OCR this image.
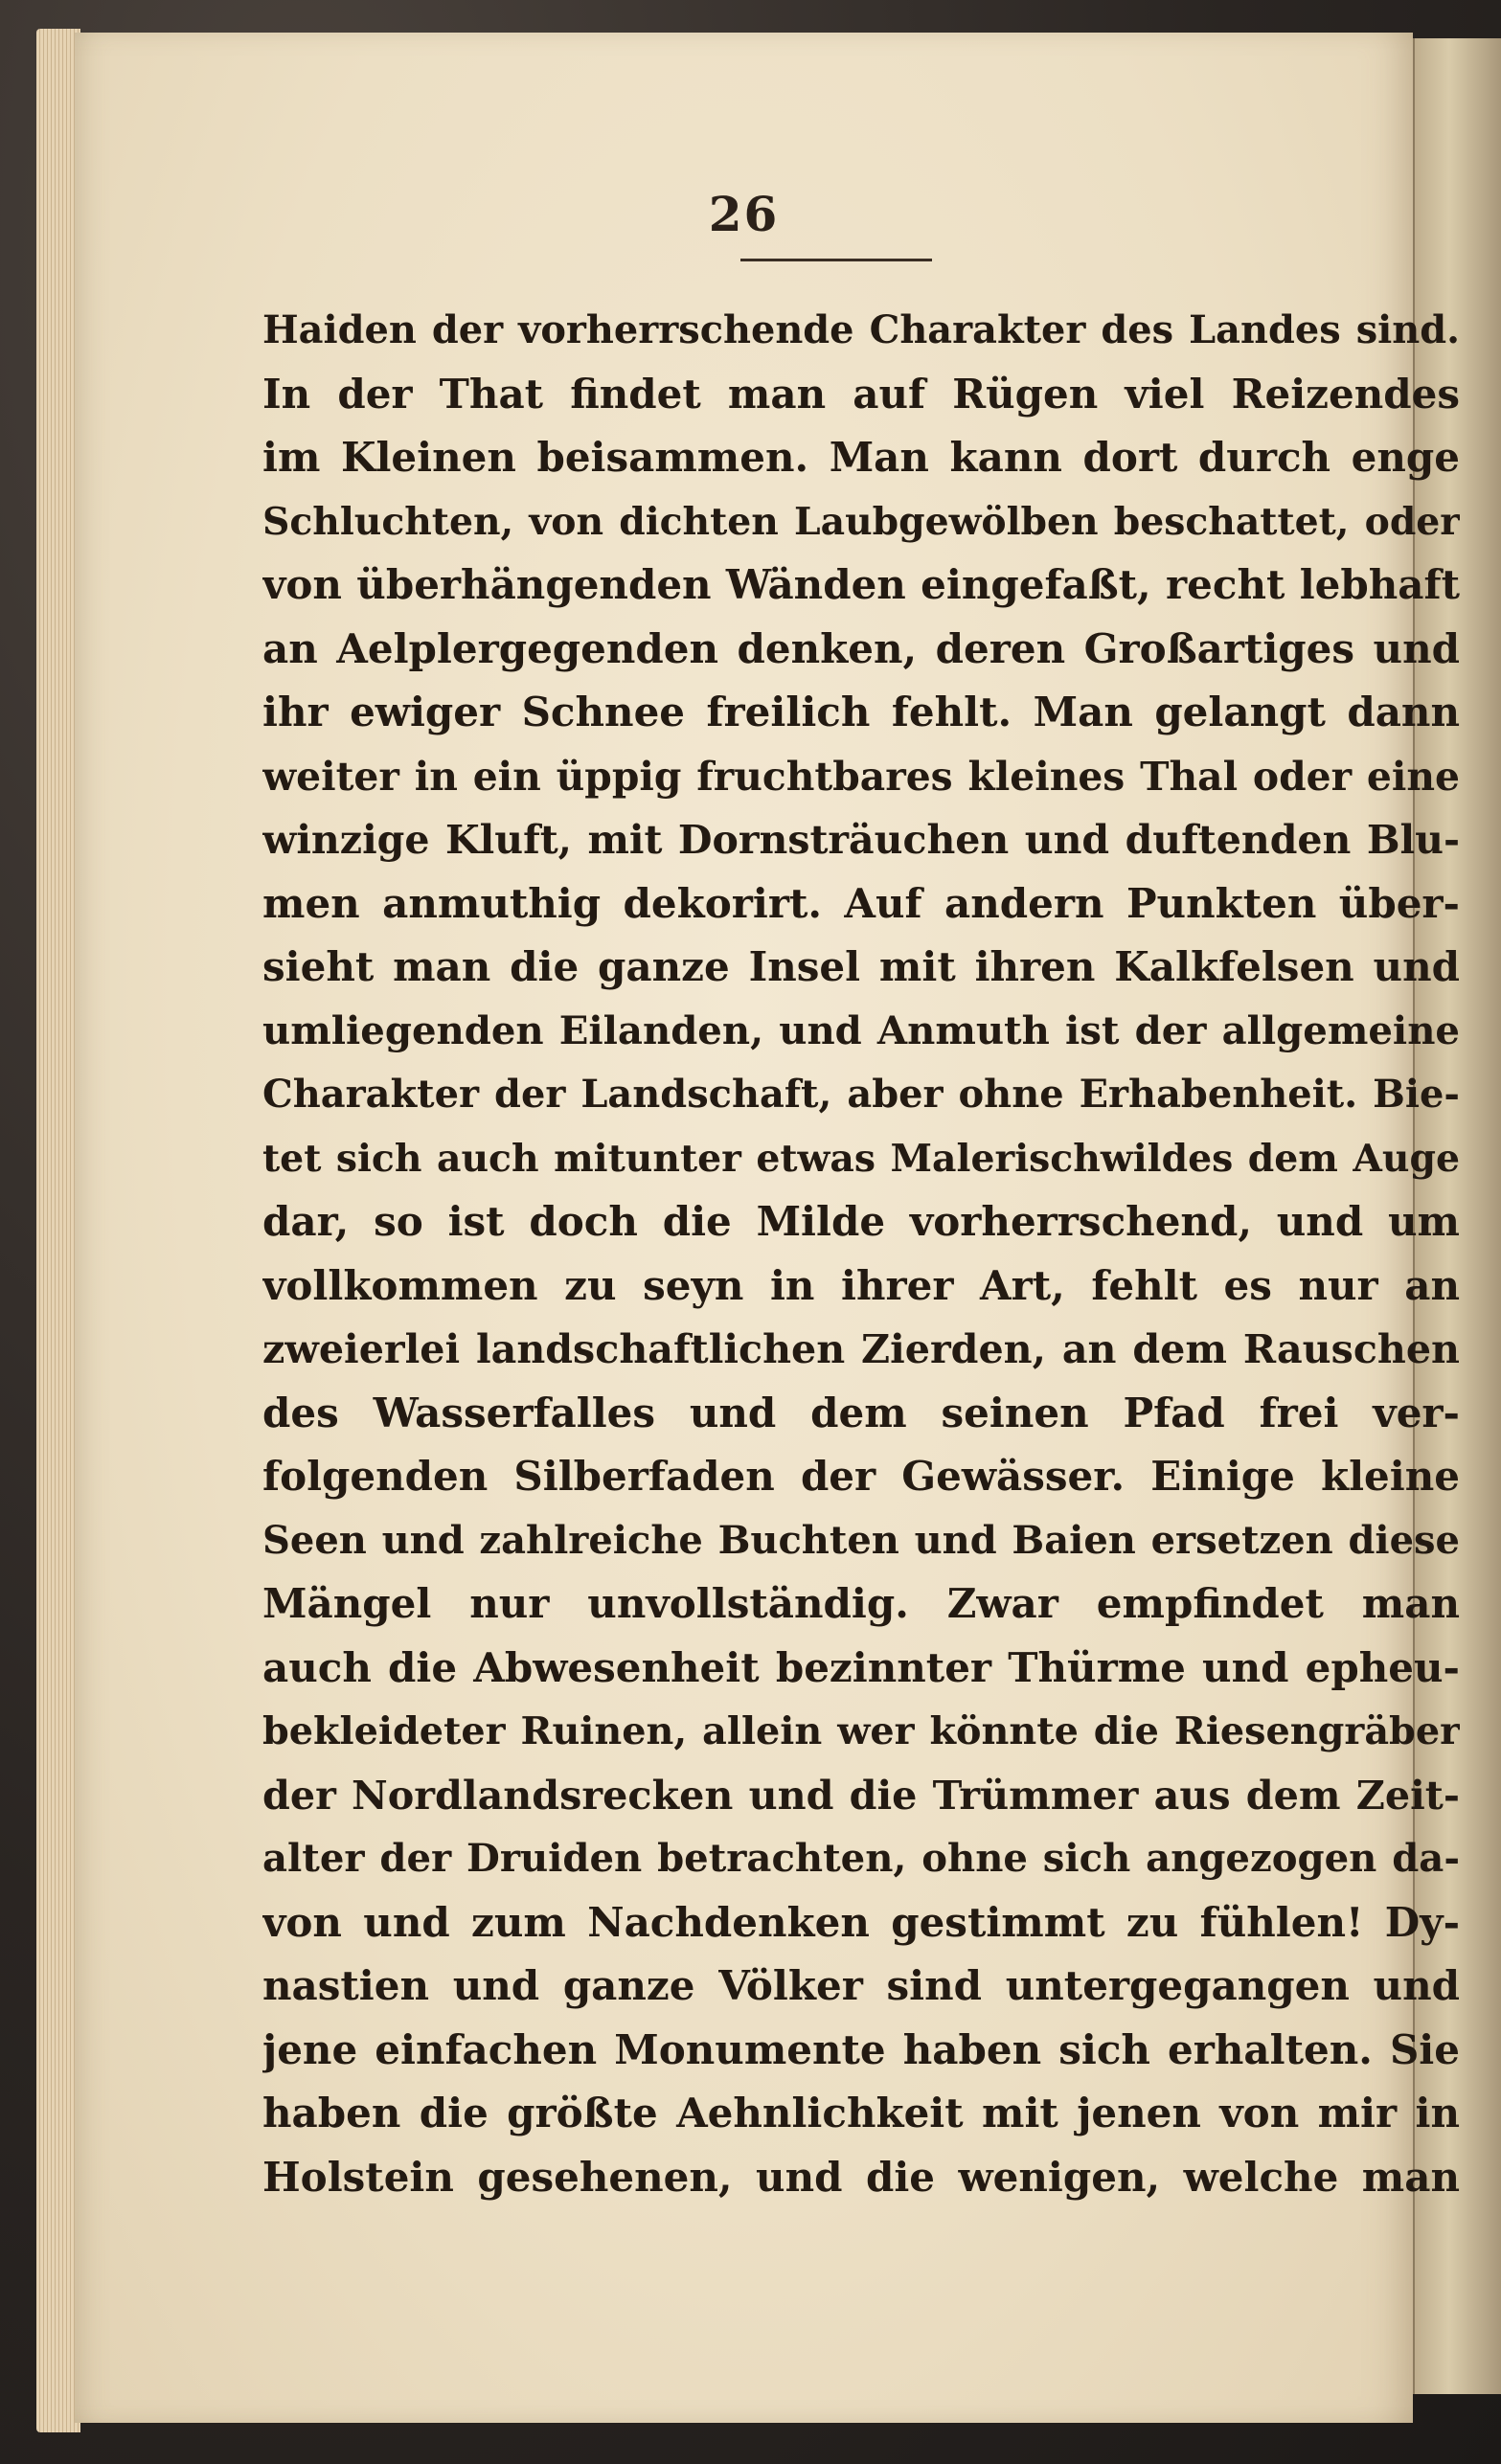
26
Haiden der vorherrschende Charakter des Landes sind.
In der That findet man auf Rügen viel Reizendes
im Kleinen beisammen. Man kann dort durch enge
Schluchten, von dichten Laubgewölben beschattet, oder
von überhängenden Wänden eingefaßt, recht lebhaft
an Aelplergegenden denken, deren Großartiges und
ihr ewiger Schnee freilich fehlt. Man gelangt dann
weiter in ein üppig fruchtbares kleines Thal oder eine
winzige Kluft, mit Dornsträuchen und duftenden Blu-
men anmuthig dekorirt. Auf andern Punkten über-
sieht man die ganze Insel mit ihren Kalkfelsen und
umliegenden Eilanden, und Anmuth ist der allgemeine
Charakter der Landschaft, aber ohne Erhabenheit. Bie-
tet sich auch mitunter etwas Malerischwildes dem Auge
dar, so ist doch die Milde vorherrschend, und um
vollkommen zu seyn in ihrer Art, fehlt es nur an
zweierlei landschaftlichen Zierden, an dem Rauschen
des Wasserfalles und dem seinen Pfad frei ver-
folgenden Silberfaden der Gewässer. Einige kleine
Seen und zahlreiche Buchten und Baien ersetzen diese
Mängel nur unvollständig. Zwar empfindet man
auch die Abwesenheit bezinnter Thürme und epheu-
bekleideter Ruinen, allein wer könnte die Riesengräber
der Nordlandsrecken und die Trümmer aus dem Zeit-
alter der Druiden betrachten, ohne sich angezogen da-
von und zum Nachdenken gestimmt zu fühlen! Dy-
nastien und ganze Völker sind untergegangen und
jene einfachen Monumente haben sich erhalten. Sie
haben die größte Aehnlichkeit mit jenen von mir in
Holstein gesehenen, und die wenigen, welche man
